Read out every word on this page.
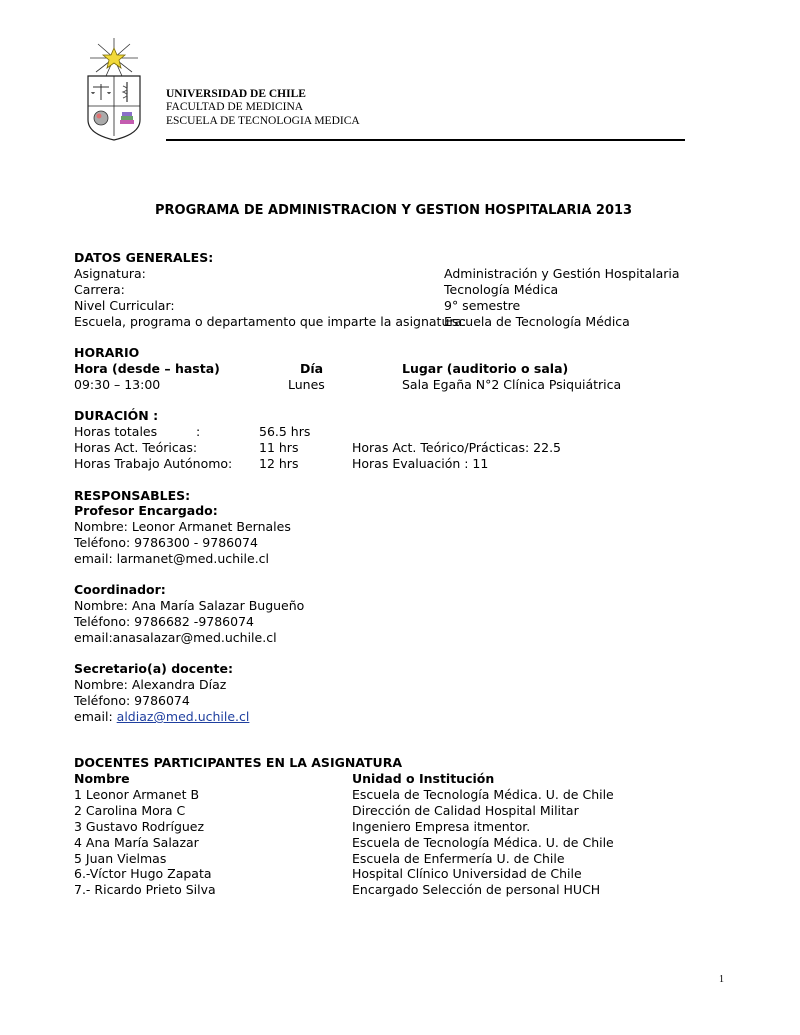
UNIVERSIDAD DE CHILE
FACULTAD DE MEDICINA
ESCUELA DE TECNOLOGIA MEDICA
PROGRAMA DE ADMINISTRACION Y GESTION HOSPITALARIA 2013
DATOS GENERALES:
Asignatura:	Administración y Gestión Hospitalaria
Carrera:	Tecnología Médica
Nivel Curricular:	9° semestre
Escuela, programa o departamento que imparte la asignatura:
Escuela de Tecnología Médica
HORARIO
Hora (desde – hasta)	Día	Lugar (auditorio o sala)
09:30 – 13:00	Lunes	Sala Egaña N°2 Clínica Psiquiátrica
DURACIÓN :
Horas totales	:	56.5 hrs
Horas Act. Teóricas:	11 hrs	Horas Act. Teórico/Prácticas: 22.5
Horas Trabajo Autónomo: 12 hrs	Horas Evaluación : 11
RESPONSABLES:
Profesor Encargado:
Nombre: Leonor Armanet Bernales
Teléfono: 9786300 - 9786074
email: larmanet@med.uchile.cl
Coordinador:
Nombre: Ana María Salazar Bugueño
Teléfono: 9786682 -9786074
email:anasalazar@med.uchile.cl
Secretario(a) docente:
Nombre: Alexandra Díaz
Teléfono: 9786074
email: aldiaz@med.uchile.cl
DOCENTES PARTICIPANTES EN LA ASIGNATURA
Nombre	Unidad o Institución
1 Leonor Armanet B	Escuela de Tecnología Médica. U. de Chile
2 Carolina Mora C	Dirección de Calidad Hospital Militar
3 Gustavo Rodríguez	Ingeniero Empresa itmentor.
4 Ana María Salazar	Escuela de Tecnología Médica. U. de Chile
5 Juan Vielmas	Escuela de Enfermería U. de Chile
6.-Víctor Hugo Zapata	Hospital Clínico Universidad de Chile
7.- Ricardo Prieto Silva	Encargado Selección de personal HUCH
1
